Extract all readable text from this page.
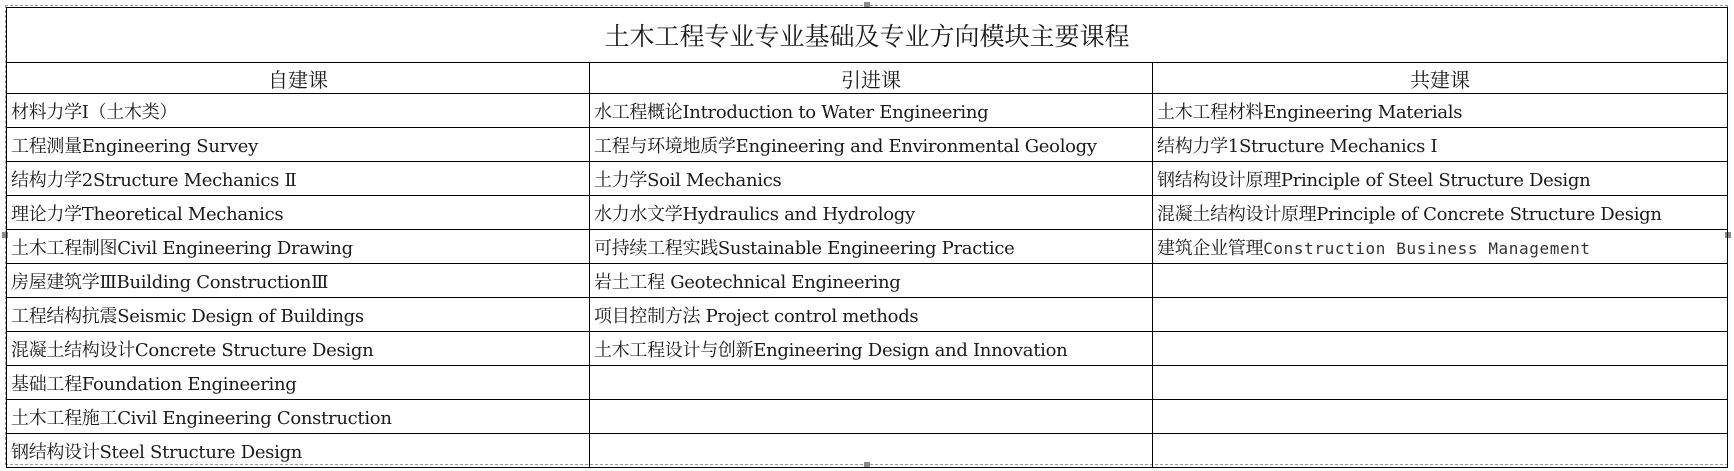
土木工程专业专业基础及专业方向模块主要课程		
自建课	引进课	共建课
材料力学Ⅰ（土木类）	水工程概论Introduction to Water Engineering	土木工程材料Engineering Materials
工程测量Engineering Survey	工程与环境地质学Engineering and Environmental Geology	结构力学1Structure Mechanics I
结构力学2Structure Mechanics Ⅱ	土力学Soil Mechanics	钢结构设计原理Principle of Steel Structure Design
理论力学Theoretical Mechanics	水力水文学Hydraulics and Hydrology	混凝土结构设计原理Principle of Concrete Structure Design
土木工程制图Civil Engineering Drawing	可持续工程实践Sustainable Engineering Practice	建筑企业管理Construction Business Management
房屋建筑学ⅢBuilding ConstructionⅢ	岩土工程 Geotechnical Engineering	
工程结构抗震Seismic Design of Buildings	项目控制方法 Project control methods	
混凝土结构设计Concrete Structure Design	土木工程设计与创新Engineering Design and Innovation	
基础工程Foundation Engineering		
土木工程施工Civil Engineering Construction		
钢结构设计Steel Structure Design		
